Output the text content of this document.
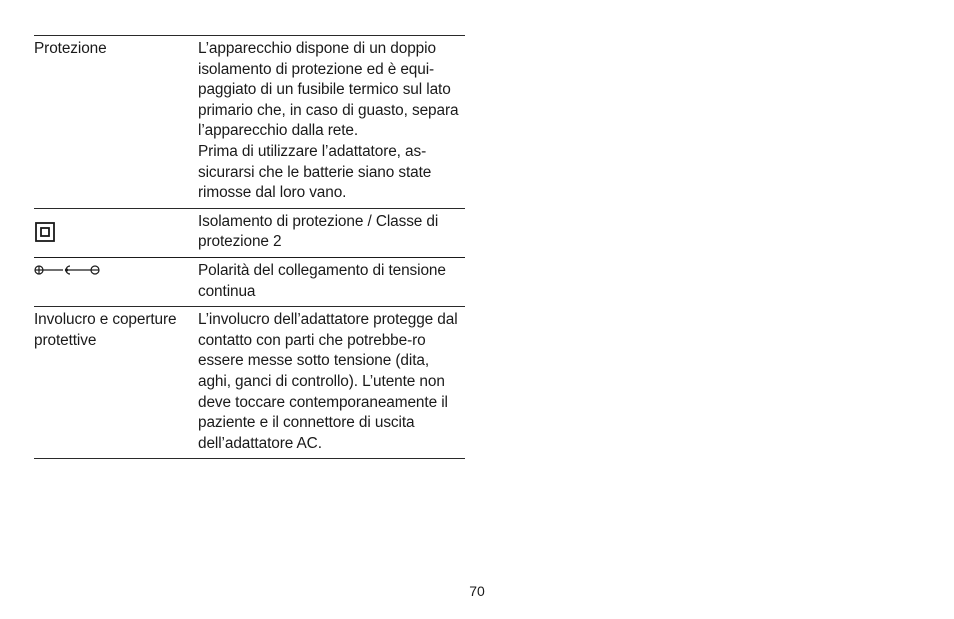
Protezione	L’apparecchio dispone di un doppio isolamento di protezione ed è equi-paggiato di un fusibile termico sul lato primario che, in caso di guasto, separa l’apparecchio dalla rete.
Prima di utilizzare l’adattatore, as-sicurarsi che le batterie siano state rimosse dal loro vano.

	Isolamento di protezione / Classe di protezione 2
	Polarità del collegamento di tensione continua
Involucro e coperture protettive	L’involucro dell’adattatore protegge dal contatto con parti che potrebbe-ro essere messe sotto tensione (dita, aghi, ganci di controllo). L’utente non deve toccare contemporaneamente il paziente e il connettore di uscita dell’adattatore AC.
70
